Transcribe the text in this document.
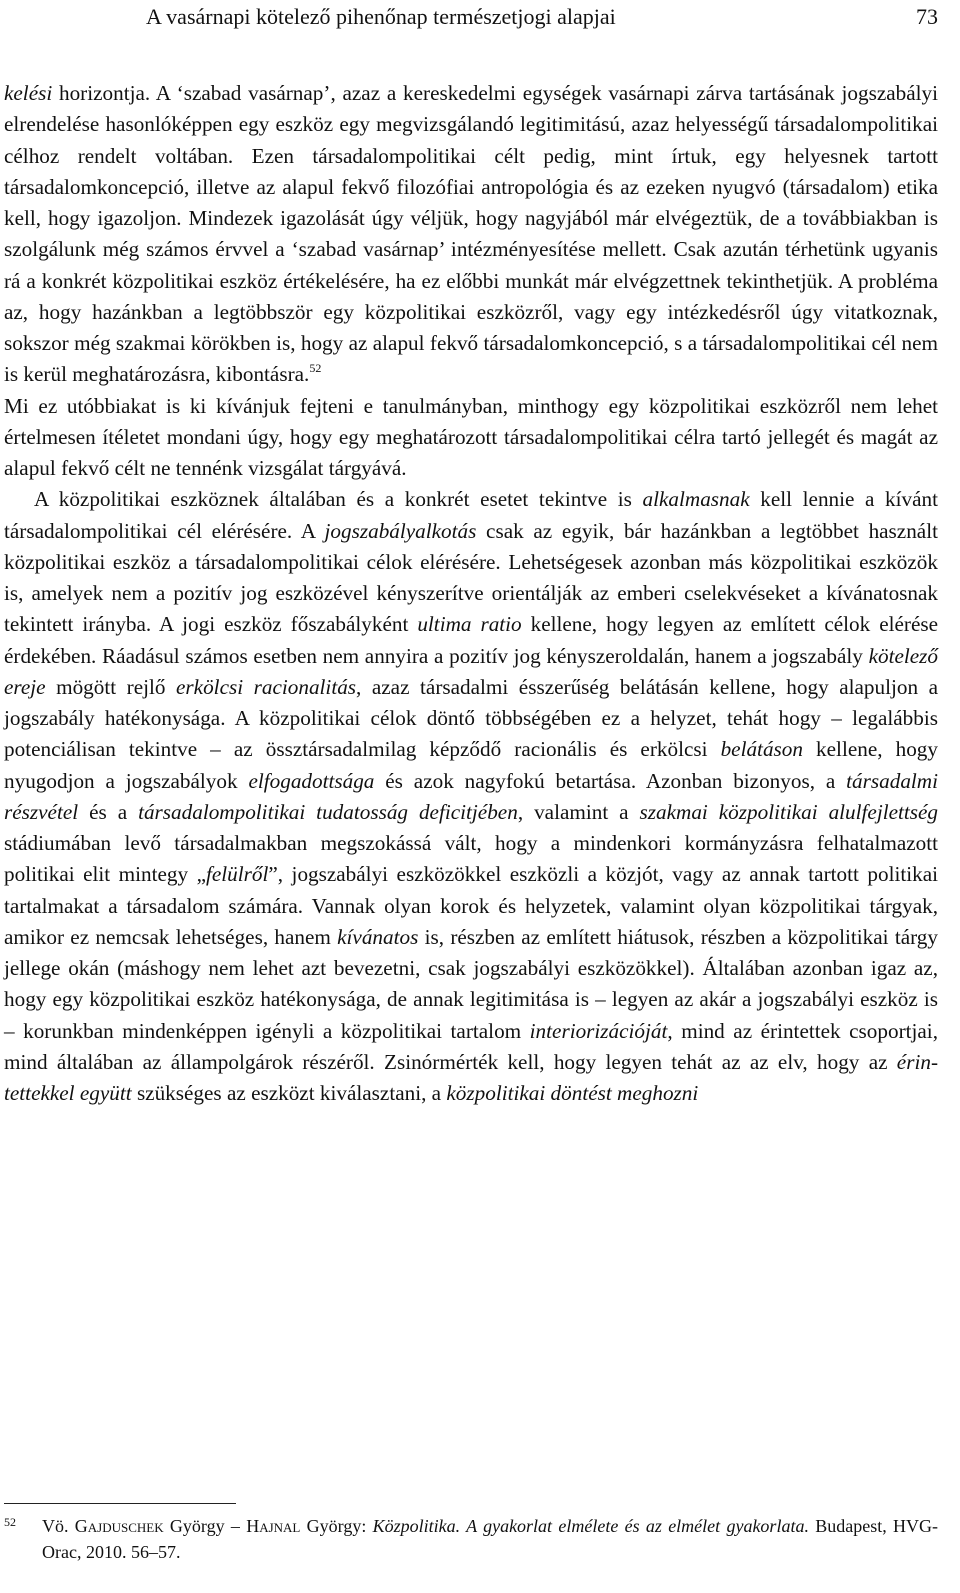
A vasárnapi kötelező pihenőnap természetjogi alapjai	73

kelési horizontja. A ‘szabad vasárnap’, azaz a kereskedelmi egységek vasárnapi zárva tartásának jogszabályi elrendelése hasonlóképpen egy eszköz egy megvizsgálandó legitimitású, azaz helyességű társadalompolitikai célhoz rendelt voltában. Ezen társadalompolitikai célt pedig, mint írtuk, egy helyesnek tartott társadalomkoncepció, illetve az alapul fekvő filozófiai antropológia és az ezeken nyugvó (társadalom) etika kell, hogy igazoljon. Mindezek igazolását úgy véljük, hogy nagyjából már elvégeztük, de a továbbiakban is szolgálunk még számos érvvel a ‘szabad vasárnap’ intézményesítése mellett. Csak azután térhetünk ugyanis rá a konkrét közpolitikai eszköz értékelésére, ha ez előbbi munkát már elvégzettnek tekinthetjük. A probléma az, hogy hazánkban a legtöbbször egy közpolitikai eszközről, vagy egy intézkedésről úgy vitatkoznak, sokszor még szakmai körökben is, hogy az alapul fekvő társadalomkoncepció, s a társadalompolitikai cél nem is kerül meghatározásra, kibontásra.$^{52}$
Mi ez utóbbiakat is ki kívánjuk fejteni e tanulmányban, minthogy egy közpolitikai eszközről nem lehet értelmesen ítéletet mondani úgy, hogy egy meghatározott társadalompolitikai célra tartó jellegét és magát az alapul fekvő célt ne tennénk vizsgálat tárgyává.

A közpolitikai eszköznek általában és a konkrét esetet tekintve is alkalmasnak kell lennie a kívánt társadalompolitikai cél elérésére. A jogszabályalkotás csak az egyik, bár hazánkban a legtöbbet használt közpolitikai eszköz a társadalompolitikai célok elérésére. Lehetségesek azonban más közpolitikai eszközök is, amelyek nem a pozitív jog eszközével kényszerítve orientálják az emberi cselekvéseket a kívánatosnak tekintett irányba. A jogi eszköz főszabályként ultima ratio kellene, hogy legyen az említett célok elérése érdekében. Ráadásul számos esetben nem annyira a pozitív jog kényszeroldalán, hanem a jogszabály kötelező ereje mögött rejlő erkölcsi racionalitás, azaz társadalmi ésszerűség belátásán kellene, hogy alapuljon a jogszabály hatékonysága. A közpolitikai célok döntő többségében ez a helyzet, tehát hogy – legalábbis potenciálisan tekintve – az össztársadalmilag képződő racionális és erkölcsi belátáson kellene, hogy nyugodjon a jogszabályok elfogadottsága és azok nagyfokú betartása. Azonban bizonyos, a társadalmi részvétel és a társadalompolitikai tudatosság deficitjében, valamint a szakmai közpolitikai alulfejlettség stádiumában levő társadalmakban megszokássá vált, hogy a mindenkori kormányzásra felhatalmazott politikai elit mintegy „felülről”, jogszabályi eszközökkel eszközli a közjót, vagy az annak tartott politikai tartalmakat a társadalom számára. Vannak olyan korok és helyzetek, valamint olyan közpolitikai tárgyak, amikor ez nemcsak lehetséges, hanem kívánatos is, részben az említett hiátusok, részben a közpolitikai tárgy jellege okán (máshogy nem lehet azt bevezetni, csak jogszabályi eszközökkel). Általában azonban igaz az, hogy egy közpolitikai eszköz hatékonysága, de annak legitimitása is – legyen az akár a jogszabályi eszköz is – korunkban mindenképpen igényli a közpolitikai tartalom interiorizációját, mind az érintettek csoportjai, mind általában az állampolgárok részéről. Zsinórmérték kell, hogy legyen tehát az az elv, hogy az érintettekkel együtt szükséges az eszközt kiválasztani, a közpolitikai döntést meghozni

52 Vö. Gajduschek György – Hajnal György: Közpolitika. A gyakorlat elmélete és az elmélet gyakorlata. Budapest, HVG-Orac, 2010. 56–57.
